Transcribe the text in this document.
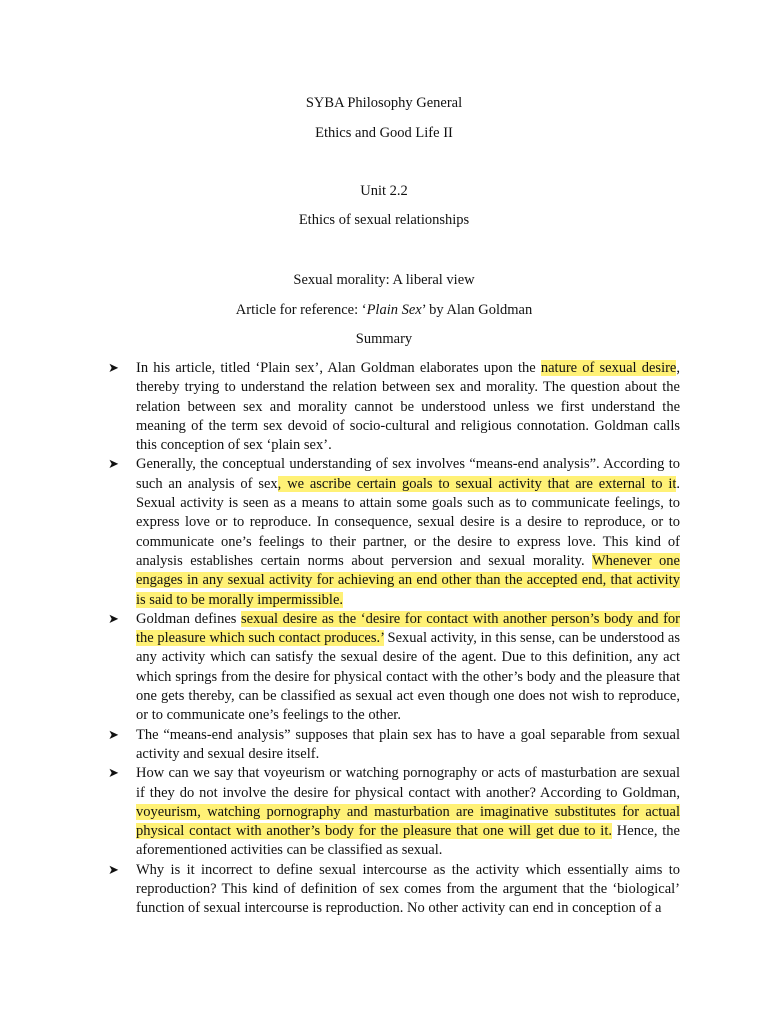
SYBA Philosophy General

Ethics and Good Life II

Unit 2.2

Ethics of sexual relationships

Sexual morality: A liberal view

Article for reference: ‘Plain Sex’ by Alan Goldman

Summary

➤	In his article, titled ‘Plain sex’, Alan Goldman elaborates upon the nature of sexual desire, thereby trying to understand the relation between sex and morality. The question about the relation between sex and morality cannot be understood unless we first understand the meaning of the term sex devoid of socio-cultural and religious connotation. Goldman calls this conception of sex ‘plain sex’.
➤	Generally, the conceptual understanding of sex involves “means-end analysis”. According to such an analysis of sex, we ascribe certain goals to sexual activity that are external to it. Sexual activity is seen as a means to attain some goals such as to communicate feelings, to express love or to reproduce. In consequence, sexual desire is a desire to reproduce, or to communicate one’s feelings to their partner, or the desire to express love. This kind of analysis establishes certain norms about perversion and sexual morality. Whenever one engages in any sexual activity for achieving an end other than the accepted end, that activity is said to be morally impermissible.
➤	Goldman defines sexual desire as the ‘desire for contact with another person’s body and for the pleasure which such contact produces.’ Sexual activity, in this sense, can be understood as any activity which can satisfy the sexual desire of the agent. Due to this definition, any act which springs from the desire for physical contact with the other’s body and the pleasure that one gets thereby, can be classified as sexual act even though one does not wish to reproduce, or to communicate one’s feelings to the other.
➤	The “means-end analysis” supposes that plain sex has to have a goal separable from sexual activity and sexual desire itself.
➤	How can we say that voyeurism or watching pornography or acts of masturbation are sexual if they do not involve the desire for physical contact with another? According to Goldman, voyeurism, watching pornography and masturbation are imaginative substitutes for actual physical contact with another’s body for the pleasure that one will get due to it. Hence, the aforementioned activities can be classified as sexual.
➤	Why is it incorrect to define sexual intercourse as the activity which essentially aims to reproduction? This kind of definition of sex comes from the argument that the ‘biological’ function of sexual intercourse is reproduction. No other activity can end in conception of a
